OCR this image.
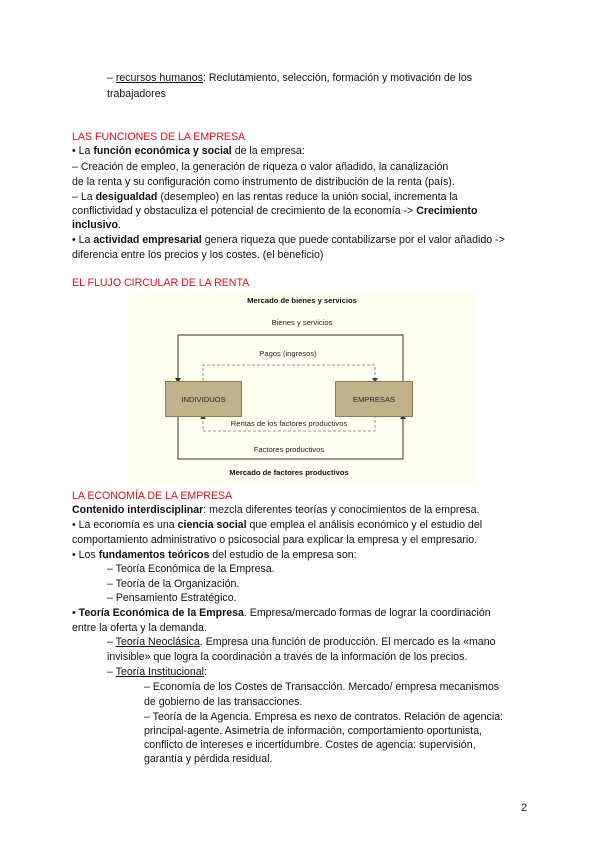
– recursos humanos: Reclutamiento, selección, formación y motivación de los
trabajadores
LAS FUNCIONES DE LA EMPRESA
• La función económica y social de la empresa:
– Creación de empleo, la generación de riqueza o valor añadido, la canalización
de la renta y su configuración como instrumento de distribución de la renta (país).
– La desigualdad (desempleo) en las rentas reduce la unión social, incrementa la
conflictividad y obstaculiza el potencial de crecimiento de la economía -> Crecimiento
inclusivo.
• La actividad empresarial genera riqueza que puede contabilizarse por el valor añadido ->
diferencia entre los precios y los costes. (el beneficio)
EL FLUJO CIRCULAR DE LA RENTA
Mercado de bienes y servicios
Bienes y servicios
Pagos (ingresos)
INDIVIDUOS	EMPRESAS
Rentas de los factores productivos
Factores productivos
Mercado de factores productivos
LA ECONOMÍA DE LA EMPRESA
Contenido interdisciplinar: mezcla diferentes teorías y conocimientos de la empresa.
• La economía es una ciencia social que emplea el análisis económico y el estudio del
comportamiento administrativo o psicosocial para explicar la empresa y el empresario.
• Los fundamentos teóricos del estudio de la empresa son:
– Teoría Económica de la Empresa.
– Teoría de la Organización.
– Pensamiento Estratégico.
• Teoría Económica de la Empresa. Empresa/mercado formas de lograr la coordinación
entre la oferta y la demanda.
– Teoría Neoclásica. Empresa una función de producción. El mercado es la «mano
invisible» que logra la coordinación a través de la información de los precios.
– Teoría Institucional:
– Economía de los Costes de Transacción. Mercado/ empresa mecanismos
de gobierno de las transacciones.
– Teoría de la Agencia. Empresa es nexo de contratos. Relación de agencia:
principal-agente. Asimetría de información, comportamiento oportunista,
conflicto de intereses e incertidumbre. Costes de agencia: supervisión,
garantía y pérdida residual.
2
